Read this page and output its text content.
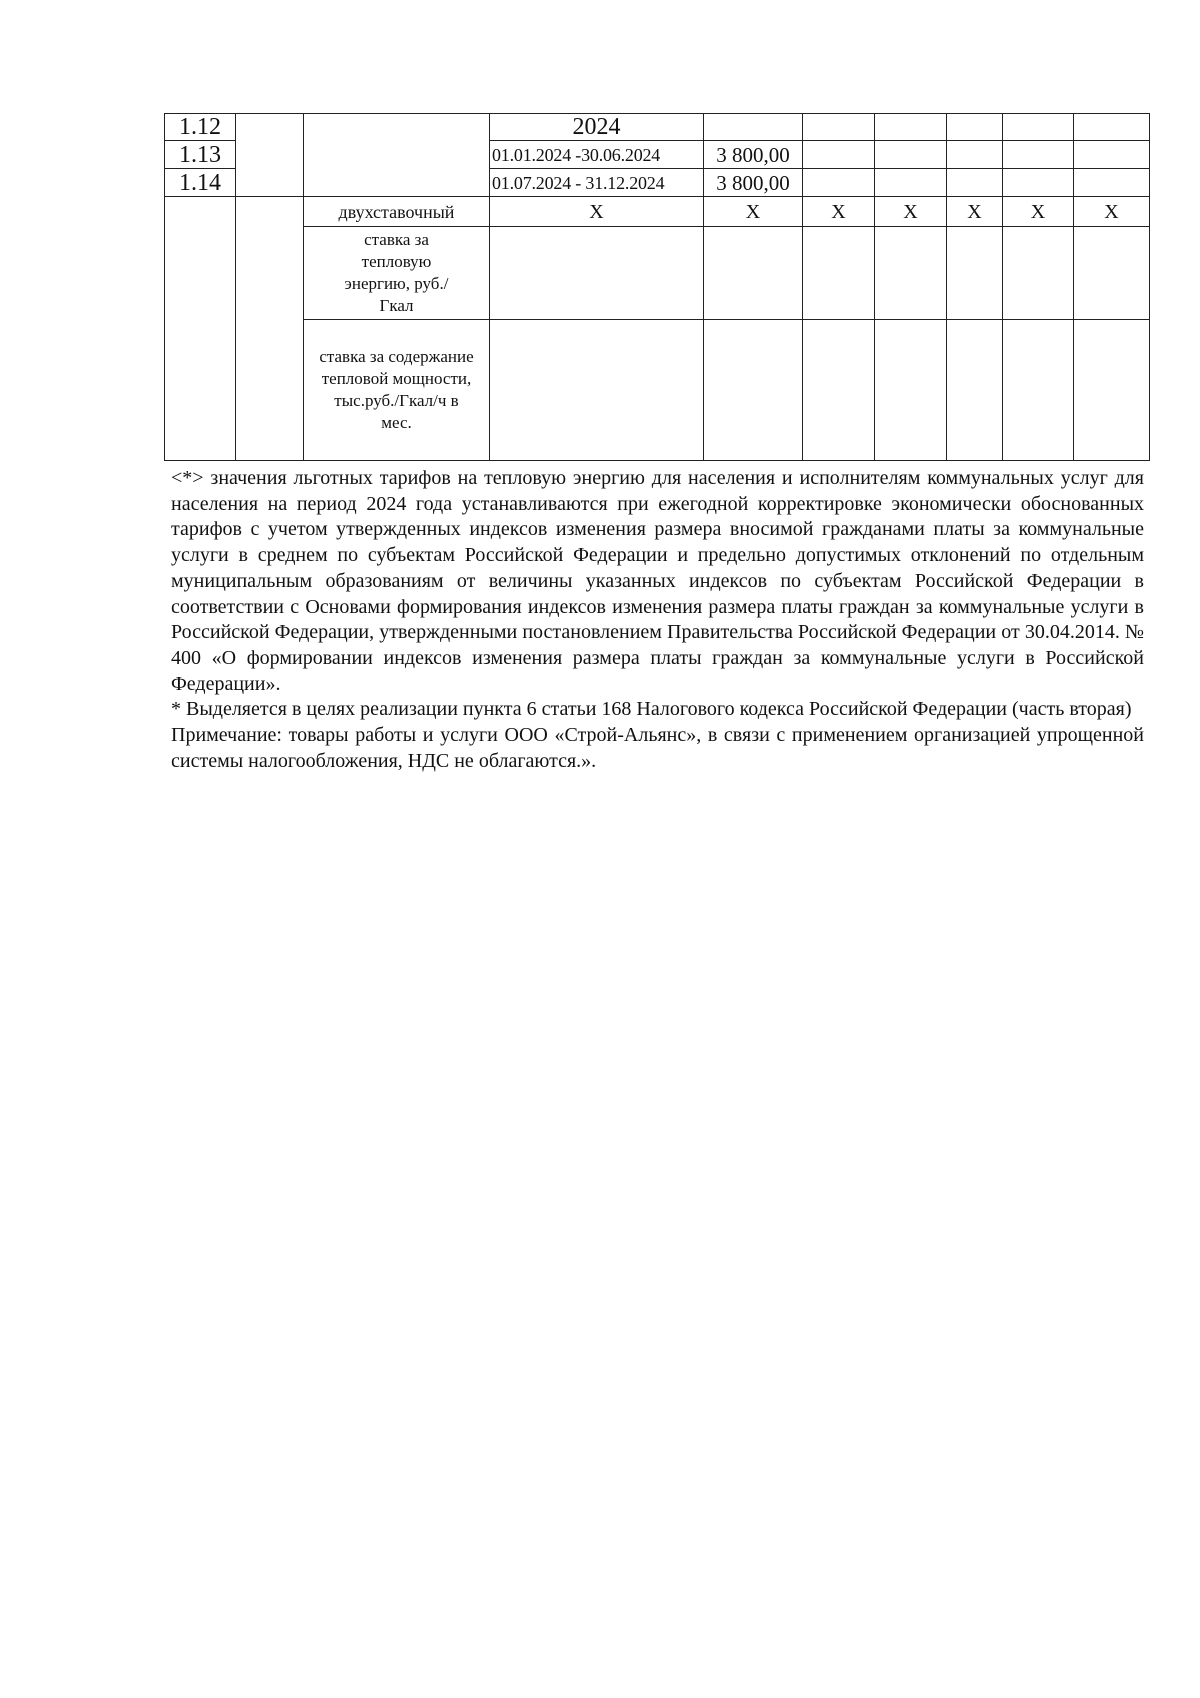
1.12			2024							
1.13			01.01.2024 -30.06.2024	3 800,00						
1.14			01.07.2024 - 31.12.2024	3 800,00						
		двухставочный	X	X	X	X	X	X	X	
		ставка за тепловую энергию, руб./Гкал								
		ставка за содержание тепловой мощности, тыс.руб./Гкал/ч в мес.								

<*> значения льготных тарифов на тепловую энергию для населения и исполнителям коммунальных услуг для населения на период 2024 года устанавливаются при ежегодной корректировке экономически обоснованных тарифов с учетом утвержденных индексов изменения размера вносимой гражданами платы за коммунальные услуги в среднем по субъектам Российской Федерации и предельно допустимых отклонений по отдельным муниципальным образованиям от величины указанных индексов по субъектам Российской Федерации в соответствии с Основами формирования индексов изменения размера платы граждан за коммунальные услуги в Российской Федерации, утвержденными постановлением Правительства Российской Федерации от 30.04.2014. № 400 «О формировании индексов изменения размера платы граждан за коммунальные услуги в Российской Федерации».

* Выделяется в целях реализации пункта 6 статьи 168 Налогового кодекса Российской Федерации (часть вторая)

Примечание: товары работы и услуги ООО «Строй-Альянс», в связи с применением организацией упрощенной системы налогообложения, НДС не облагаются.».
